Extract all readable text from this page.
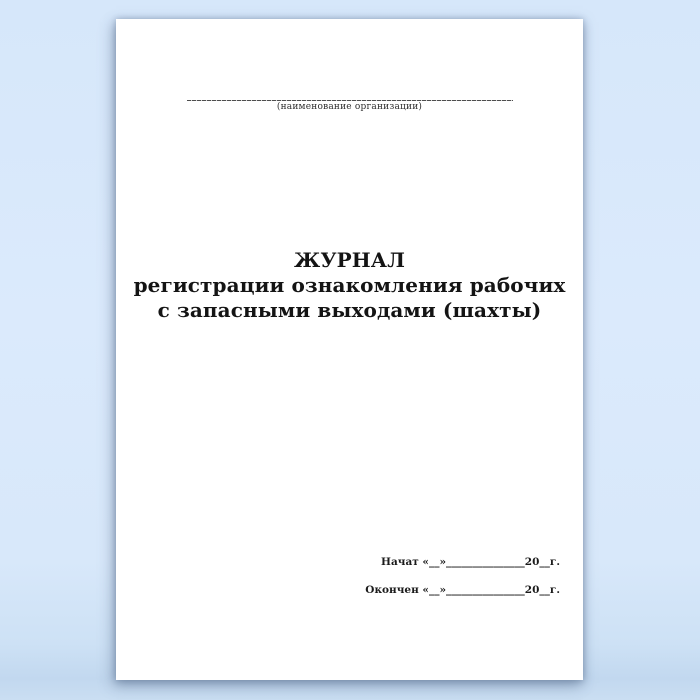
(наименование организации)
ЖУРНАЛ
регистрации ознакомления рабочих
с запасными выходами (шахты)
Начат «__»_______________20__г.
Окончен «__»_______________20__г.
